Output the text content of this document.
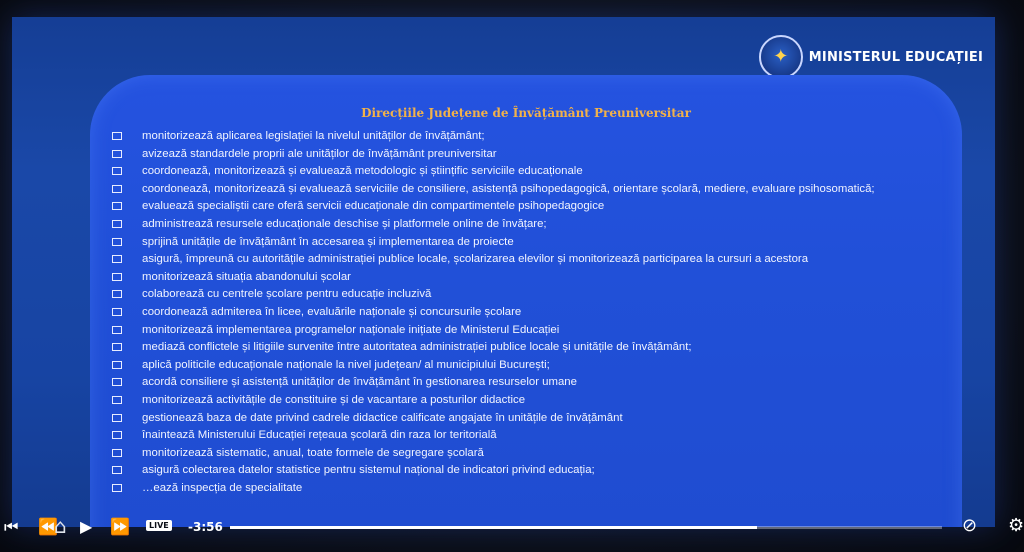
✦	MINISTERUL EDUCAȚIEI
Direcțiile Județene de Învățământ Preuniversitar
monitorizează aplicarea legislației la nivelul unităților de învățământ;
avizează standardele proprii ale unităților de învățământ preuniversitar
coordonează, monitorizează și evaluează metodologic și științific serviciile educaționale
coordonează, monitorizează și evaluează serviciile de consiliere, asistență psihopedagogică, orientare școlară, mediere, evaluare psihosomatică;
evaluează specialiștii care oferă servicii educaționale din compartimentele psihopedagogice
administrează resursele educaționale deschise și platformele online de învățare;
sprijină unitățile de învățământ în accesarea și implementarea de proiecte
asigură, împreună cu autoritățile administrației publice locale, școlarizarea elevilor și monitorizează participarea la cursuri a acestora
monitorizează situația abandonului școlar
colaborează cu centrele școlare pentru educație incluzivă
coordonează admiterea în licee, evaluările naționale și concursurile școlare
monitorizează implementarea programelor naționale inițiate de Ministerul Educației
mediază conflictele și litigiile survenite între autoritatea administrației publice locale și unitățile de învățământ;
aplică politicile educaționale naționale la nivel județean/ al municipiului București;
acordă consiliere și asistență unităților de învățământ în gestionarea resurselor umane
monitorizează activitățile de constituire și de vacantare a posturilor didactice
gestionează baza de date privind cadrele didactice calificate angajate în unitățile de învățământ
înaintează Ministerului Educației rețeaua școlară din raza lor teritorială
monitorizează sistematic, anual, toate formele de segregare școlară
asigură colectarea datelor statistice pentru sistemul național de indicatori privind educația;
…ează inspecția de specialitate
⏮ ⏪
⌂ ▶ ⏩	LIVE -3:56	⊘ ⚙
